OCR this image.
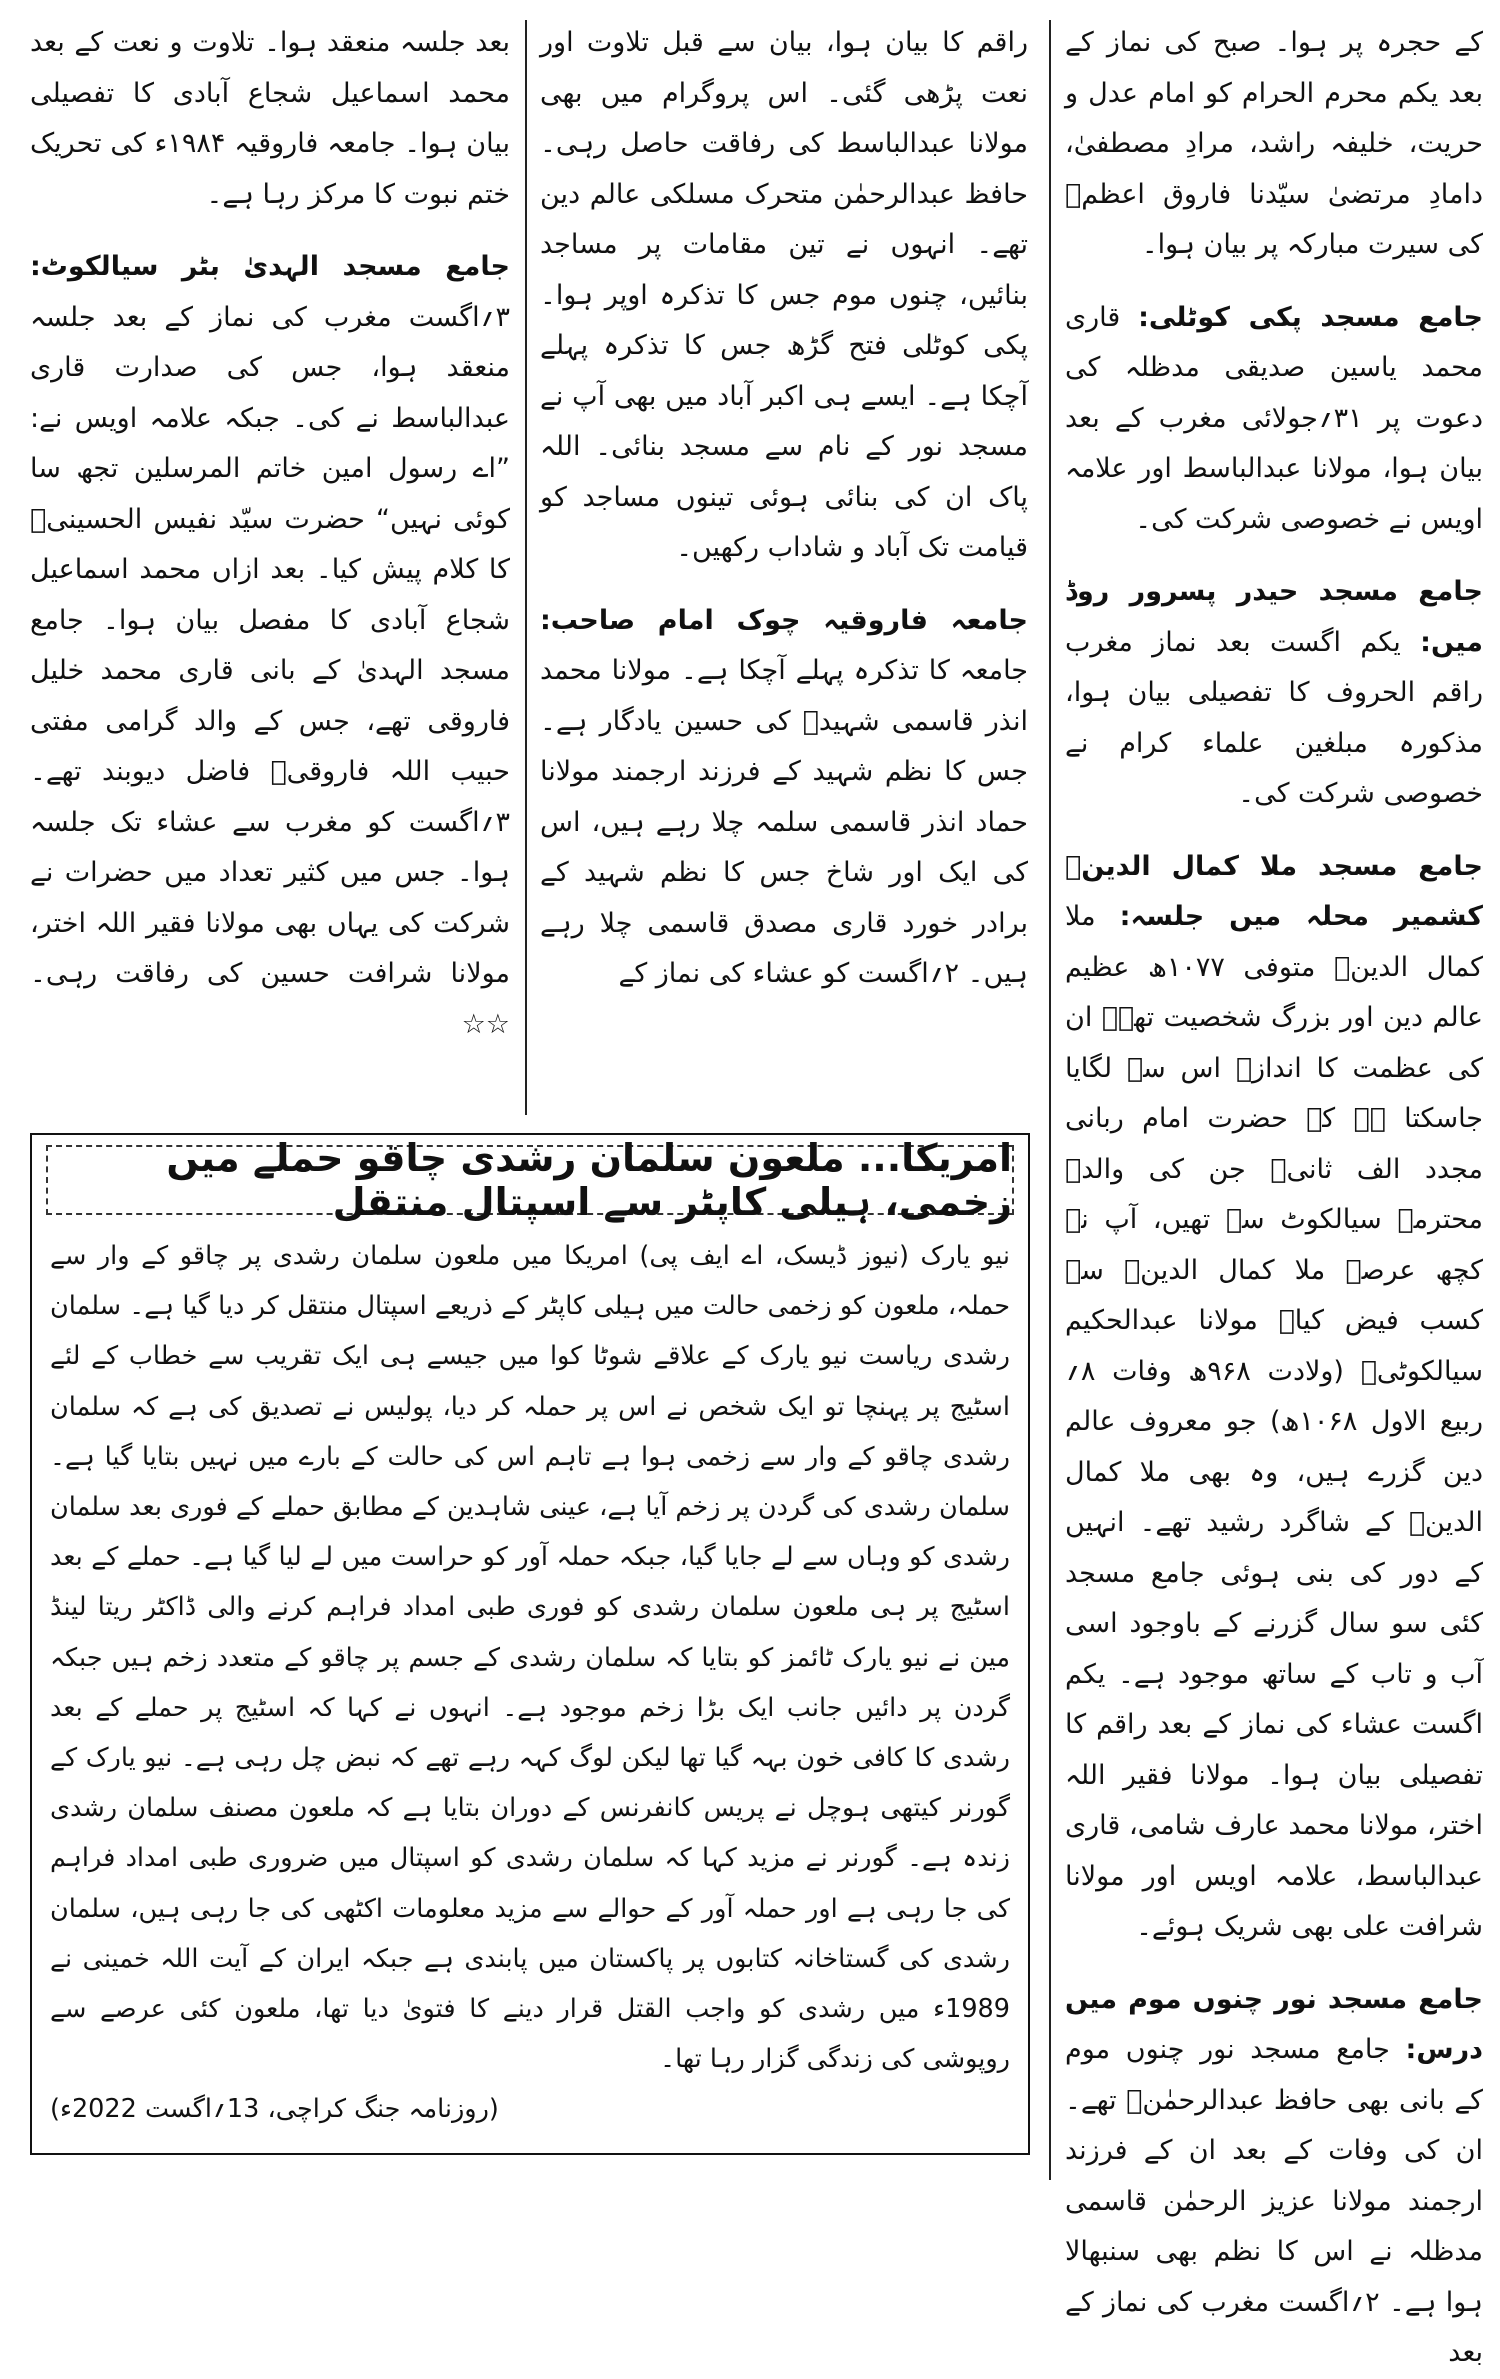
کے حجرہ پر ہوا۔ صبح کی نماز کے بعد یکم محرم الحرام کو امام عدل و حریت، خلیفہ راشد، مرادِ مصطفیٰ، دامادِ مرتضیٰ سیّدنا فاروق اعظمؓ کی سیرت مبارکہ پر بیان ہوا۔

جامع مسجد پکی کوٹلی: قاری محمد یاسین صدیقی مدظلہ کی دعوت پر ۳۱؍جولائی مغرب کے بعد بیان ہوا، مولانا عبدالباسط اور علامہ اویس نے خصوصی شرکت کی۔

جامع مسجد حیدر پسرور روڈ میں: یکم اگست بعد نماز مغرب راقم الحروف کا تفصیلی بیان ہوا، مذکورہ مبلغین علماء کرام نے خصوصی شرکت کی۔

جامع مسجد ملا کمال الدینؒ کشمیر محلہ میں جلسہ: ملا کمال الدینؒ متوفی ۱۰۷۷ھ عظیم عالم دین اور بزرگ شخصیت تھے۔ ان کی عظمت کا اندازہ اس سے لگایا جاسکتا ہے کہ حضرت امام ربانی مجدد الف ثانیؒ جن کی والدہ محترمہ سیالکوٹ سے تھیں، آپ نے کچھ عرصہ ملا کمال الدینؒ سے کسب فیض کیا۔ مولانا عبدالحکیم سیالکوٹیؒ (ولادت ۹۶۸ھ وفات ۸؍ ربیع الاول ۱۰۶۸ھ) جو معروف عالم دین گزرے ہیں، وہ بھی ملا کمال الدینؒ کے شاگرد رشید تھے۔ انہیں کے دور کی بنی ہوئی جامع مسجد کئی سو سال گزرنے کے باوجود اسی آب و تاب کے ساتھ موجود ہے۔ یکم اگست عشاء کی نماز کے بعد راقم کا تفصیلی بیان ہوا۔ مولانا فقیر اللہ اختر، مولانا محمد عارف شامی، قاری عبدالباسط، علامہ اویس اور مولانا شرافت علی بھی شریک ہوئے۔

جامع مسجد نور چنوں موم میں درس: جامع مسجد نور چنوں موم کے بانی بھی حافظ عبدالرحمٰنؒ تھے۔ ان کی وفات کے بعد ان کے فرزند ارجمند مولانا عزیز الرحمٰن قاسمی مدظلہ نے اس کا نظم بھی سنبھالا ہوا ہے۔ ۲؍اگست مغرب کی نماز کے بعد

راقم کا بیان ہوا، بیان سے قبل تلاوت اور نعت پڑھی گئی۔ اس پروگرام میں بھی مولانا عبدالباسط کی رفاقت حاصل رہی۔ حافظ عبدالرحمٰن متحرک مسلکی عالم دین تھے۔ انہوں نے تین مقامات پر مساجد بنائیں، چنوں موم جس کا تذکرہ اوپر ہوا۔ پکی کوٹلی فتح گڑھ جس کا تذکرہ پہلے آچکا ہے۔ ایسے ہی اکبر آباد میں بھی آپ نے مسجد نور کے نام سے مسجد بنائی۔ اللہ پاک ان کی بنائی ہوئی تینوں مساجد کو قیامت تک آباد و شاداب رکھیں۔

جامعہ فاروقیہ چوک امام صاحب: جامعہ کا تذکرہ پہلے آچکا ہے۔ مولانا محمد انذر قاسمی شہیدؒ کی حسین یادگار ہے۔ جس کا نظم شہید کے فرزند ارجمند مولانا حماد انذر قاسمی سلمہ چلا رہے ہیں، اس کی ایک اور شاخ جس کا نظم شہید کے برادر خورد قاری مصدق قاسمی چلا رہے ہیں۔ ۲؍اگست کو عشاء کی نماز کے

بعد جلسہ منعقد ہوا۔ تلاوت و نعت کے بعد محمد اسماعیل شجاع آبادی کا تفصیلی بیان ہوا۔ جامعہ فاروقیہ ۱۹۸۴ء کی تحریک ختم نبوت کا مرکز رہا ہے۔

جامع مسجد الہدیٰ بٹر سیالکوٹ: ۳؍اگست مغرب کی نماز کے بعد جلسہ منعقد ہوا، جس کی صدارت قاری عبدالباسط نے کی۔ جبکہ علامہ اویس نے: ”اے رسول امین خاتم المرسلین تجھ سا کوئی نہیں“ حضرت سیّد نفیس الحسینیؒ کا کلام پیش کیا۔ بعد ازاں محمد اسماعیل شجاع آبادی کا مفصل بیان ہوا۔ جامع مسجد الہدیٰ کے بانی قاری محمد خلیل فاروقی تھے، جس کے والد گرامی مفتی حبیب اللہ فاروقیؒ فاضل دیوبند تھے۔ ۳؍اگست کو مغرب سے عشاء تک جلسہ ہوا۔ جس میں کثیر تعداد میں حضرات نے شرکت کی یہاں بھی مولانا فقیر اللہ اختر، مولانا شرافت حسین کی رفاقت رہی۔ ☆☆

امریکا... ملعون سلمان رشدی چاقو حملے میں زخمی، ہیلی کاپٹر سے اسپتال منتقل

نیو یارک (نیوز ڈیسک، اے ایف پی) امریکا میں ملعون سلمان رشدی پر چاقو کے وار سے حملہ، ملعون کو زخمی حالت میں ہیلی کاپٹر کے ذریعے اسپتال منتقل کر دیا گیا ہے۔ سلمان رشدی ریاست نیو یارک کے علاقے شوٹا کوا میں جیسے ہی ایک تقریب سے خطاب کے لئے اسٹیج پر پہنچا تو ایک شخص نے اس پر حملہ کر دیا، پولیس نے تصدیق کی ہے کہ سلمان رشدی چاقو کے وار سے زخمی ہوا ہے تاہم اس کی حالت کے بارے میں نہیں بتایا گیا ہے۔ سلمان رشدی کی گردن پر زخم آیا ہے، عینی شاہدین کے مطابق حملے کے فوری بعد سلمان رشدی کو وہاں سے لے جایا گیا، جبکہ حملہ آور کو حراست میں لے لیا گیا ہے۔ حملے کے بعد اسٹیج پر ہی ملعون سلمان رشدی کو فوری طبی امداد فراہم کرنے والی ڈاکٹر ریتا لینڈ مین نے نیو یارک ٹائمز کو بتایا کہ سلمان رشدی کے جسم پر چاقو کے متعدد زخم ہیں جبکہ گردن پر دائیں جانب ایک بڑا زخم موجود ہے۔ انہوں نے کہا کہ اسٹیج پر حملے کے بعد رشدی کا کافی خون بہہ گیا تھا لیکن لوگ کہہ رہے تھے کہ نبض چل رہی ہے۔ نیو یارک کے گورنر کیتھی ہوچل نے پریس کانفرنس کے دوران بتایا ہے کہ ملعون مصنف سلمان رشدی زندہ ہے۔ گورنر نے مزید کہا کہ سلمان رشدی کو اسپتال میں ضروری طبی امداد فراہم کی جا رہی ہے اور حملہ آور کے حوالے سے مزید معلومات اکٹھی کی جا رہی ہیں، سلمان رشدی کی گستاخانہ کتابوں پر پاکستان میں پابندی ہے جبکہ ایران کے آیت اللہ خمینی نے 1989ء میں رشدی کو واجب القتل قرار دینے کا فتویٰ دیا تھا، ملعون کئی عرصے سے روپوشی کی زندگی گزار رہا تھا۔

(روزنامہ جنگ کراچی، 13؍اگست 2022ء)
